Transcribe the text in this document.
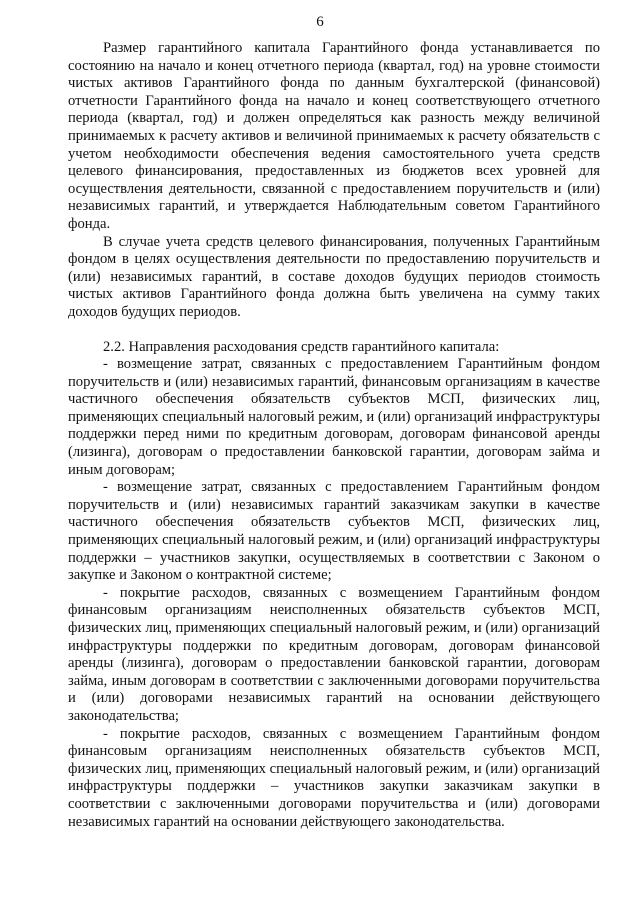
6

Размер гарантийного капитала Гарантийного фонда устанавливается по состоянию на начало и конец отчетного периода (квартал, год) на уровне стоимости чистых активов Гарантийного фонда по данным бухгалтерской (финансовой) отчетности Гарантийного фонда на начало и конец соответствующего отчетного периода (квартал, год) и должен определяться как разность между величиной принимаемых к расчету активов и величиной принимаемых к расчету обязательств с учетом необходимости обеспечения ведения самостоятельного учета средств целевого финансирования, предоставленных из бюджетов всех уровней для осуществления деятельности, связанной с предоставлением поручительств и (или) независимых гарантий, и утверждается Наблюдательным советом Гарантийного фонда.

В случае учета средств целевого финансирования, полученных Гарантийным фондом в целях осуществления деятельности по предоставлению поручительств и (или) независимых гарантий, в составе доходов будущих периодов стоимость чистых активов Гарантийного фонда должна быть увеличена на сумму таких доходов будущих периодов.

2.2. Направления расходования средств гарантийного капитала:

- возмещение затрат, связанных с предоставлением Гарантийным фондом поручительств и (или) независимых гарантий, финансовым организациям в качестве частичного обеспечения обязательств субъектов МСП, физических лиц, применяющих специальный налоговый режим, и (или) организаций инфраструктуры поддержки перед ними по кредитным договорам, договорам финансовой аренды (лизинга), договорам о предоставлении банковской гарантии, договорам займа и иным договорам;

- возмещение затрат, связанных с предоставлением Гарантийным фондом поручительств и (или) независимых гарантий заказчикам закупки в качестве частичного обеспечения обязательств субъектов МСП, физических лиц, применяющих специальный налоговый режим, и (или) организаций инфраструктуры поддержки – участников закупки, осуществляемых в соответствии с Законом о закупке и Законом о контрактной системе;

- покрытие расходов, связанных с возмещением Гарантийным фондом финансовым организациям неисполненных обязательств субъектов МСП, физических лиц, применяющих специальный налоговый режим, и (или) организаций инфраструктуры поддержки по кредитным договорам, договорам финансовой аренды (лизинга), договорам о предоставлении банковской гарантии, договорам займа, иным договорам в соответствии с заключенными договорами поручительства и (или) договорами независимых гарантий на основании действующего законодательства;

- покрытие расходов, связанных с возмещением Гарантийным фондом финансовым организациям неисполненных обязательств субъектов МСП, физических лиц, применяющих специальный налоговый режим, и (или) организаций инфраструктуры поддержки – участников закупки заказчикам закупки в соответствии с заключенными договорами поручительства и (или) договорами независимых гарантий на основании действующего законодательства.
